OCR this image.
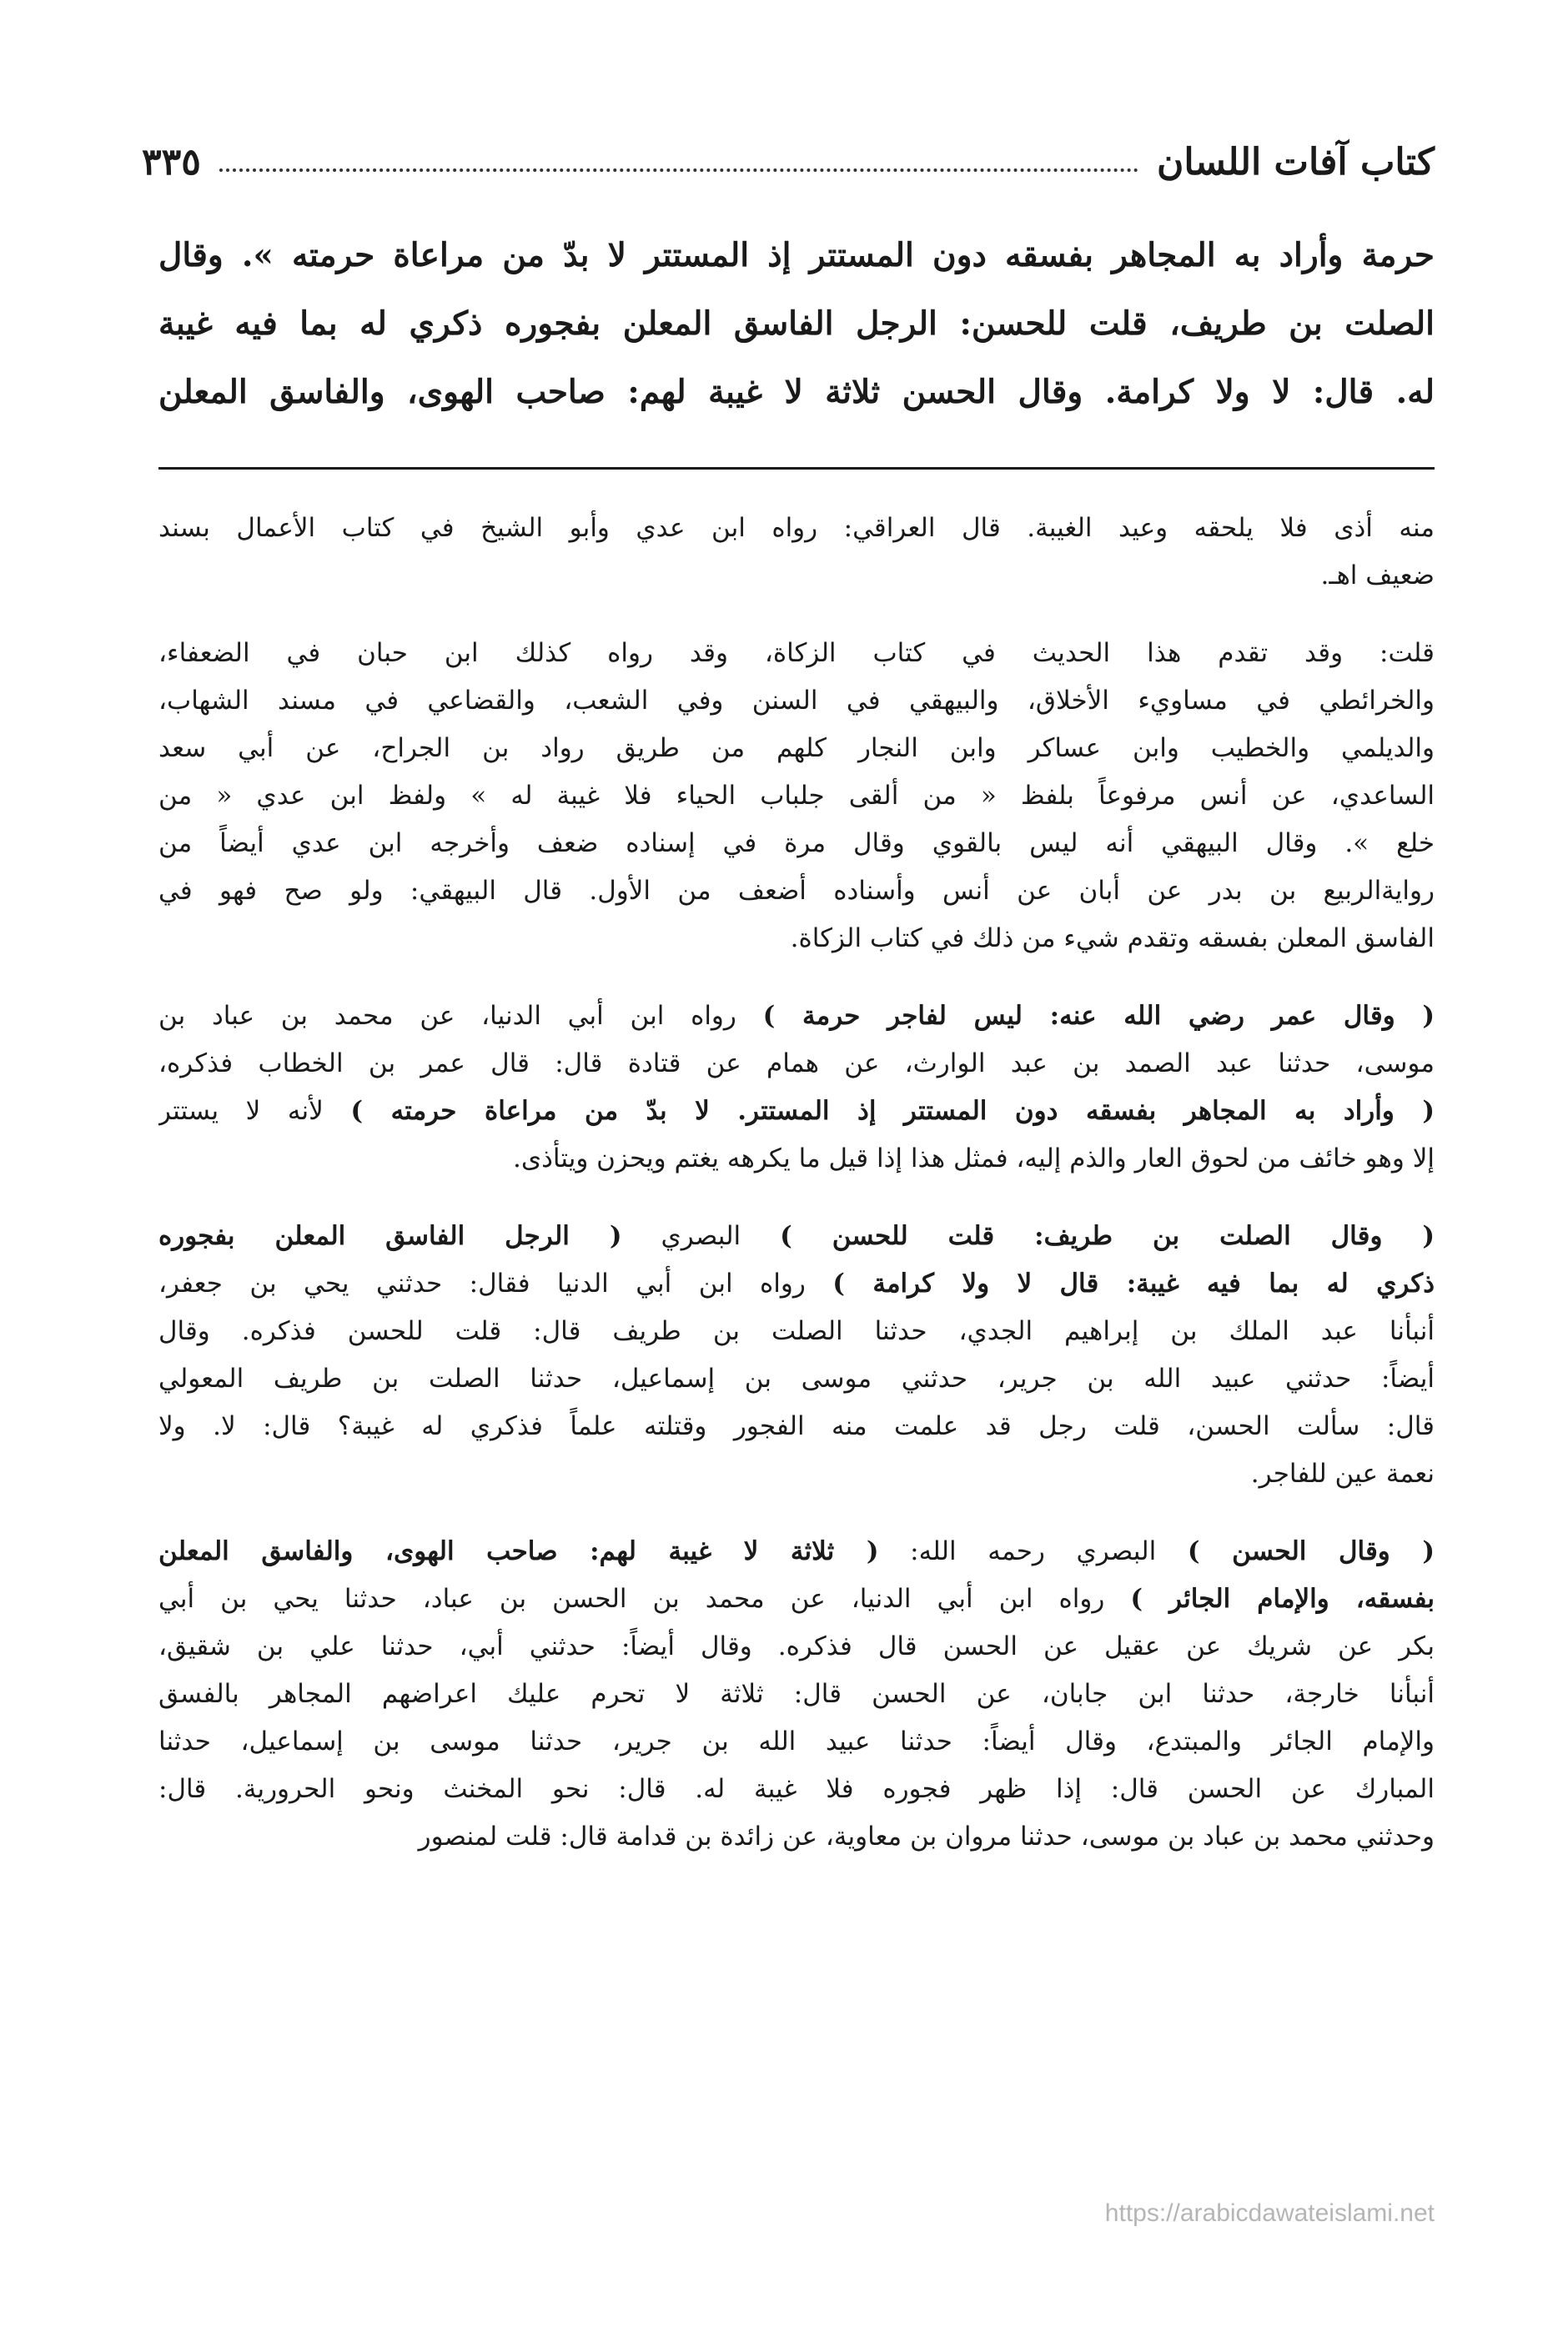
كتاب آفات اللسان
٣٣٥
حرمة وأراد به المجاهر بفسقه دون المستتر إذ المستتر لا بدّ من مراعاة حرمته ». وقال
الصلت بن طريف، قلت للحسن: الرجل الفاسق المعلن بفجوره ذكري له بما فيه غيبة
له. قال: لا ولا كرامة. وقال الحسن ثلاثة لا غيبة لهم: صاحب الهوى، والفاسق المعلن
منه أذى فلا يلحقه وعيد الغيبة. قال العراقي: رواه ابن عدي وأبو الشيخ في كتاب الأعمال بسند
ضعيف اهـ.
قلت: وقد تقدم هذا الحديث في كتاب الزكاة، وقد رواه كذلك ابن حبان في الضعفاء،
والخرائطي في مساويء الأخلاق، والبيهقي في السنن وفي الشعب، والقضاعي في مسند الشهاب،
والديلمي والخطيب وابن عساكر وابن النجار كلهم من طريق رواد بن الجراح، عن أبي سعد
الساعدي، عن أنس مرفوعاً بلفظ « من ألقى جلباب الحياء فلا غيبة له » ولفظ ابن عدي « من
خلع ». وقال البيهقي أنه ليس بالقوي وقال مرة في إسناده ضعف وأخرجه ابن عدي أيضاً من
روايةالربيع بن بدر عن أبان عن أنس وأسناده أضعف من الأول. قال البيهقي: ولو صح فهو في
الفاسق المعلن بفسقه وتقدم شيء من ذلك في كتاب الزكاة.
( وقال عمر رضي الله عنه: ليس لفاجر حرمة ) رواه ابن أبي الدنيا، عن محمد بن عباد بن
موسى، حدثنا عبد الصمد بن عبد الوارث، عن همام عن قتادة قال: قال عمر بن الخطاب فذكره،
( وأراد به المجاهر بفسقه دون المستتر إذ المستتر. لا بدّ من مراعاة حرمته ) لأنه لا يستتر
إلا وهو خائف من لحوق العار والذم إليه، فمثل هذا إذا قيل ما يكرهه يغتم ويحزن ويتأذى.
( وقال الصلت بن طريف: قلت للحسن ) البصري ( الرجل الفاسق المعلن بفجوره
ذكري له بما فيه غيبة: قال لا ولا كرامة ) رواه ابن أبي الدنيا فقال: حدثني يحي بن جعفر،
أنبأنا عبد الملك بن إبراهيم الجدي، حدثنا الصلت بن طريف قال: قلت للحسن فذكره. وقال
أيضاً: حدثني عبيد الله بن جرير، حدثني موسى بن إسماعيل، حدثنا الصلت بن طريف المعولي
قال: سألت الحسن، قلت رجل قد علمت منه الفجور وقتلته علماً فذكري له غيبة؟ قال: لا. ولا
نعمة عين للفاجر.
( وقال الحسن ) البصري رحمه الله: ( ثلاثة لا غيبة لهم: صاحب الهوى، والفاسق المعلن
بفسقه، والإمام الجائر ) رواه ابن أبي الدنيا، عن محمد بن الحسن بن عباد، حدثنا يحي بن أبي
بكر عن شريك عن عقيل عن الحسن قال فذكره. وقال أيضاً: حدثني أبي، حدثنا علي بن شقيق،
أنبأنا خارجة، حدثنا ابن جابان، عن الحسن قال: ثلاثة لا تحرم عليك اعراضهم المجاهر بالفسق
والإمام الجائر والمبتدع، وقال أيضاً: حدثنا عبيد الله بن جرير، حدثنا موسى بن إسماعيل، حدثنا
المبارك عن الحسن قال: إذا ظهر فجوره فلا غيبة له. قال: نحو المخنث ونحو الحرورية. قال:
وحدثني محمد بن عباد بن موسى، حدثنا مروان بن معاوية، عن زائدة بن قدامة قال: قلت لمنصور
https://arabicdawateislami.net
